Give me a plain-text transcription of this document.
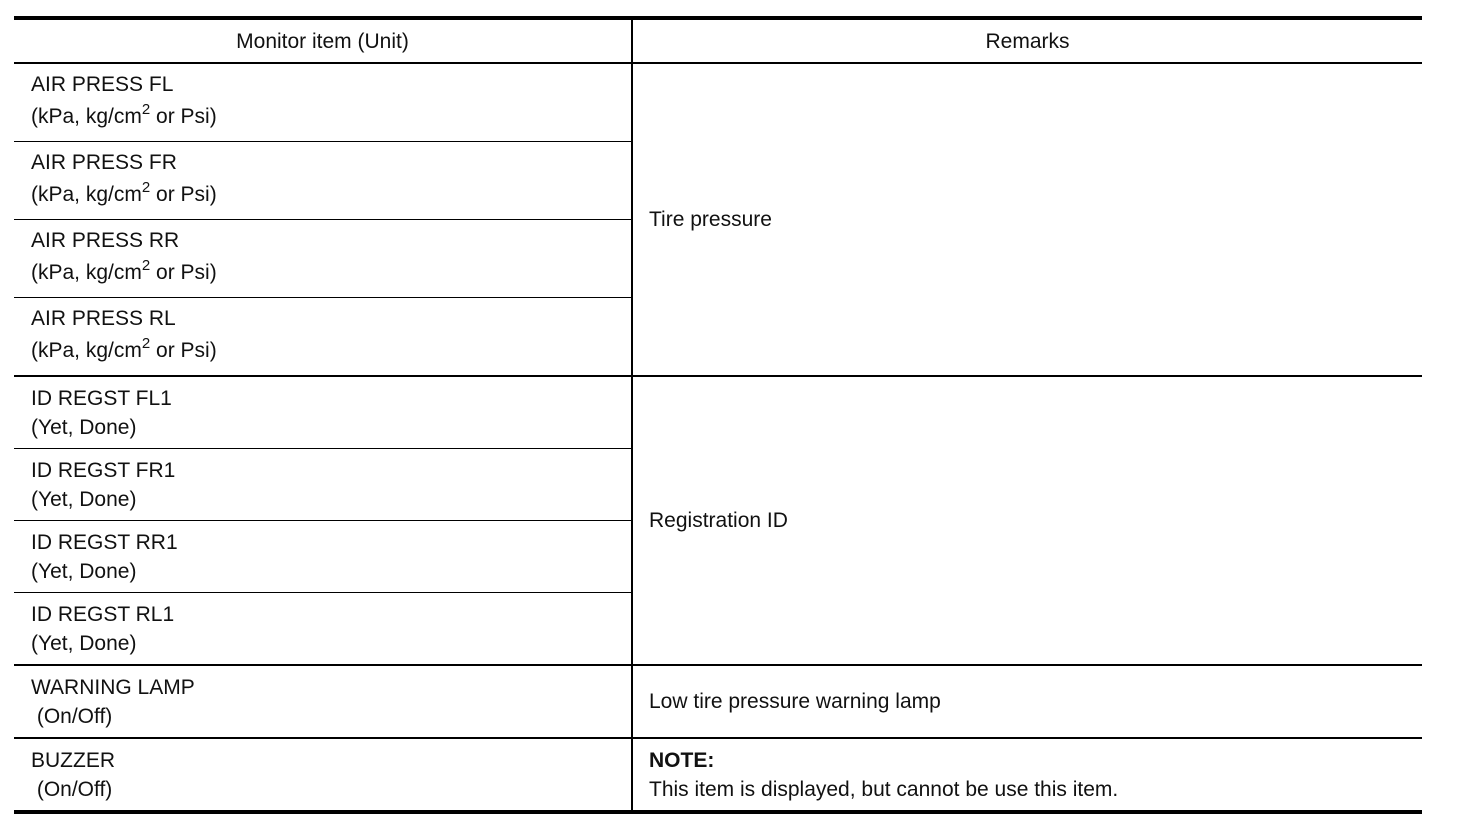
Monitor item (Unit)	Remarks

AIR PRESS FL
(kPa, $kg/cm^2$ or Psi)	Tire pressure

AIR PRESS FR
(kPa, $kg/cm^2$ or Psi)	

AIR PRESS RR
(kPa, $kg/cm^2$ or Psi)	

AIR PRESS RL
(kPa, $kg/cm^2$ or Psi)	

ID REGST FL1
(Yet, Done)	Registration ID

ID REGST FR1
(Yet, Done)	

ID REGST RR1
(Yet, Done)	

ID REGST RL1
(Yet, Done)	

WARNING LAMP
(On/Off)	Low tire pressure warning lamp

BUZZER
(On/Off)	NOTE:
This item is displayed, but cannot be use this item.
